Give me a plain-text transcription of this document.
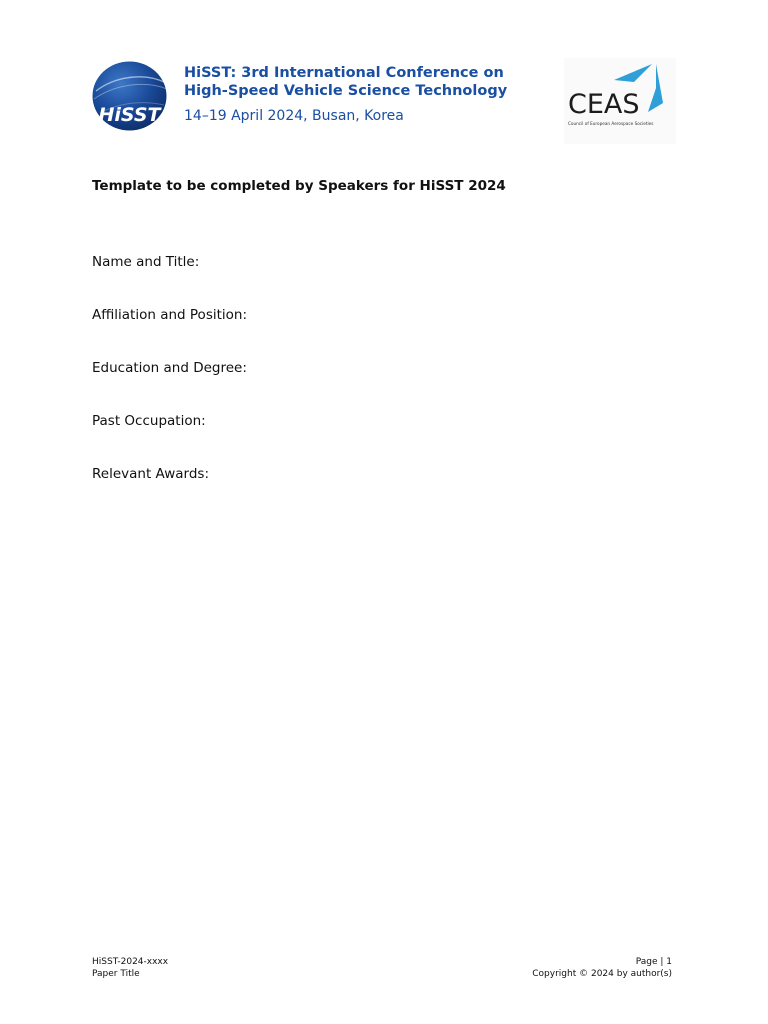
HiSST
HiSST: 3rd International Conference on
High-Speed Vehicle Science Technology
14–19 April 2024, Busan, Korea	CEAS
Council of European Aerospace Societies
Template to be completed by Speakers for HiSST 2024
Name and Title:
Affiliation and Position:
Education and Degree:
Past Occupation:
Relevant Awards:
HiSST-2024-xxxx
Paper Title
Page | 1
Copyright © 2024 by author(s)
